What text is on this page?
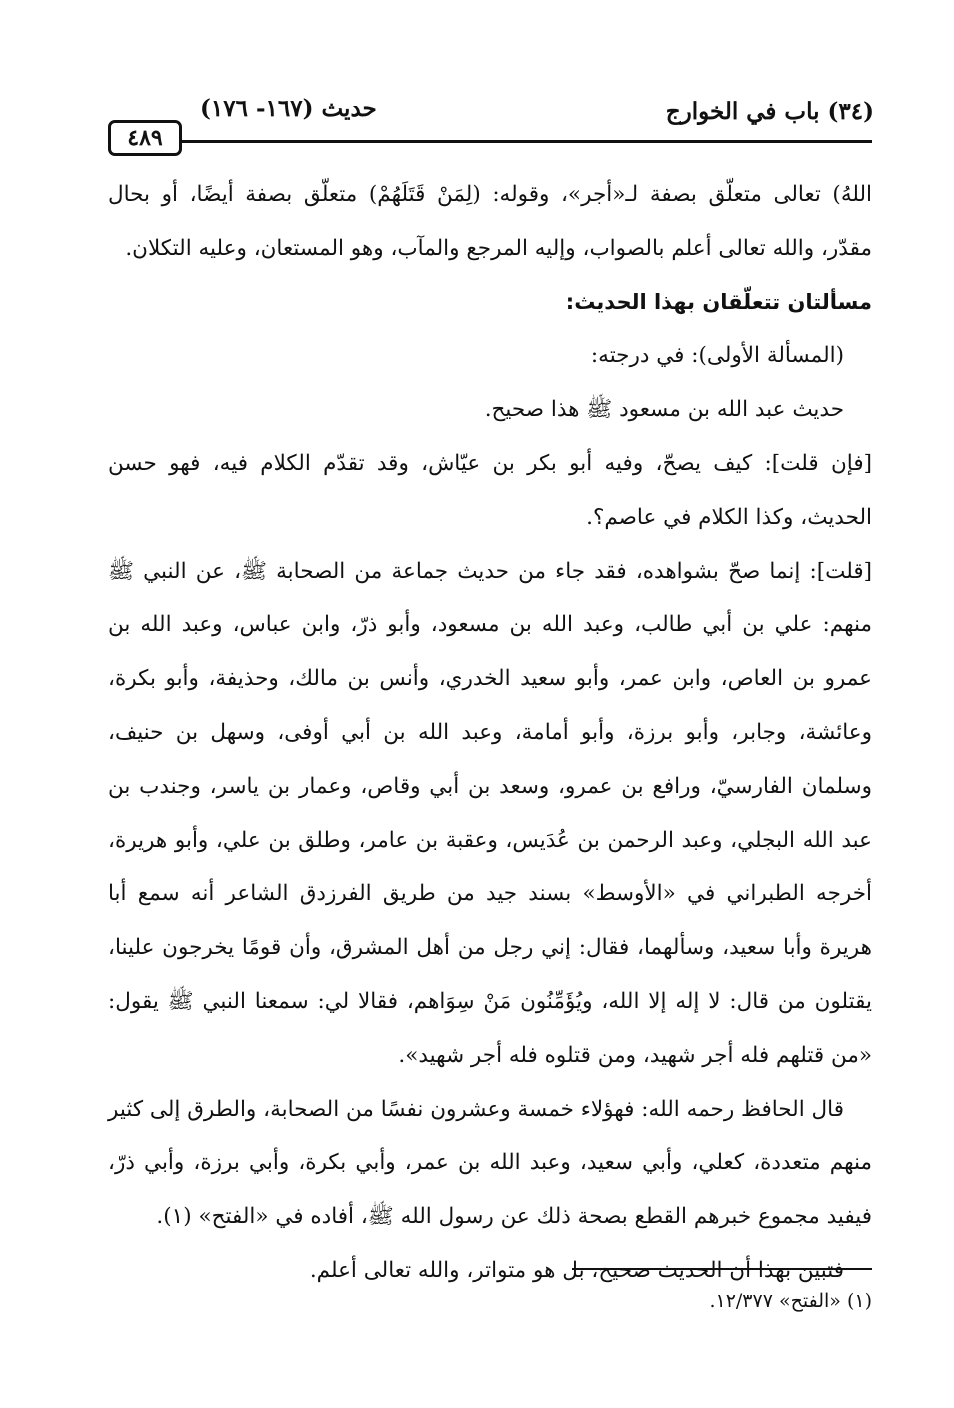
(٣٤) باب في الخوارج
حديث (١٦٧- ١٧٦)
٤٨٩

اللهُ) تعالى متعلّق بصفة لـ«أجر»، وقوله: (لِمَنْ قَتَلَهُمْ) متعلّق بصفة أيضًا، أو بحال مقدّر، والله تعالى أعلم بالصواب، وإليه المرجع والمآب، وهو المستعان، وعليه التكلان.

مسألتان تتعلّقان بهذا الحديث:

(المسألة الأولى): في درجته:

حديث عبد الله بن مسعود ﷺ هذا صحيح.

[فإن قلت]: كيف يصحّ، وفيه أبو بكر بن عيّاش، وقد تقدّم الكلام فيه، فهو حسن الحديث، وكذا الكلام في عاصم؟.

[قلت]: إنما صحّ بشواهده، فقد جاء من حديث جماعة من الصحابة ﷺ، عن النبي ﷺ منهم: علي بن أبي طالب، وعبد الله بن مسعود، وأبو ذرّ، وابن عباس، وعبد الله بن عمرو بن العاص، وابن عمر، وأبو سعيد الخدري، وأنس بن مالك، وحذيفة، وأبو بكرة، وعائشة، وجابر، وأبو برزة، وأبو أمامة، وعبد الله بن أبي أوفى، وسهل بن حنيف، وسلمان الفارسيّ، ورافع بن عمرو، وسعد بن أبي وقاص، وعمار بن ياسر، وجندب بن عبد الله البجلي، وعبد الرحمن بن عُدَيس، وعقبة بن عامر، وطلق بن علي، وأبو هريرة، أخرجه الطبراني في «الأوسط» بسند جيد من طريق الفرزدق الشاعر أنه سمع أبا هريرة وأبا سعيد، وسألهما، فقال: إني رجل من أهل المشرق، وأن قومًا يخرجون علينا، يقتلون من قال: لا إله إلا الله، ويُؤَمِّنُون مَنْ سِوَاهم، فقالا لي: سمعنا النبي ﷺ يقول: «من قتلهم فله أجر شهيد، ومن قتلوه فله أجر شهيد».

قال الحافظ رحمه الله: فهؤلاء خمسة وعشرون نفسًا من الصحابة، والطرق إلى كثير منهم متعددة، كعلي، وأبي سعيد، وعبد الله بن عمر، وأبي بكرة، وأبي برزة، وأبي ذرّ، فيفيد مجموع خبرهم القطع بصحة ذلك عن رسول الله ﷺ، أفاده في «الفتح» (١).

فتبين بهذا أن الحديث صحيح، بل هو متواتر، والله تعالى أعلم.

(١) «الفتح» ١٢/٣٧٧.
